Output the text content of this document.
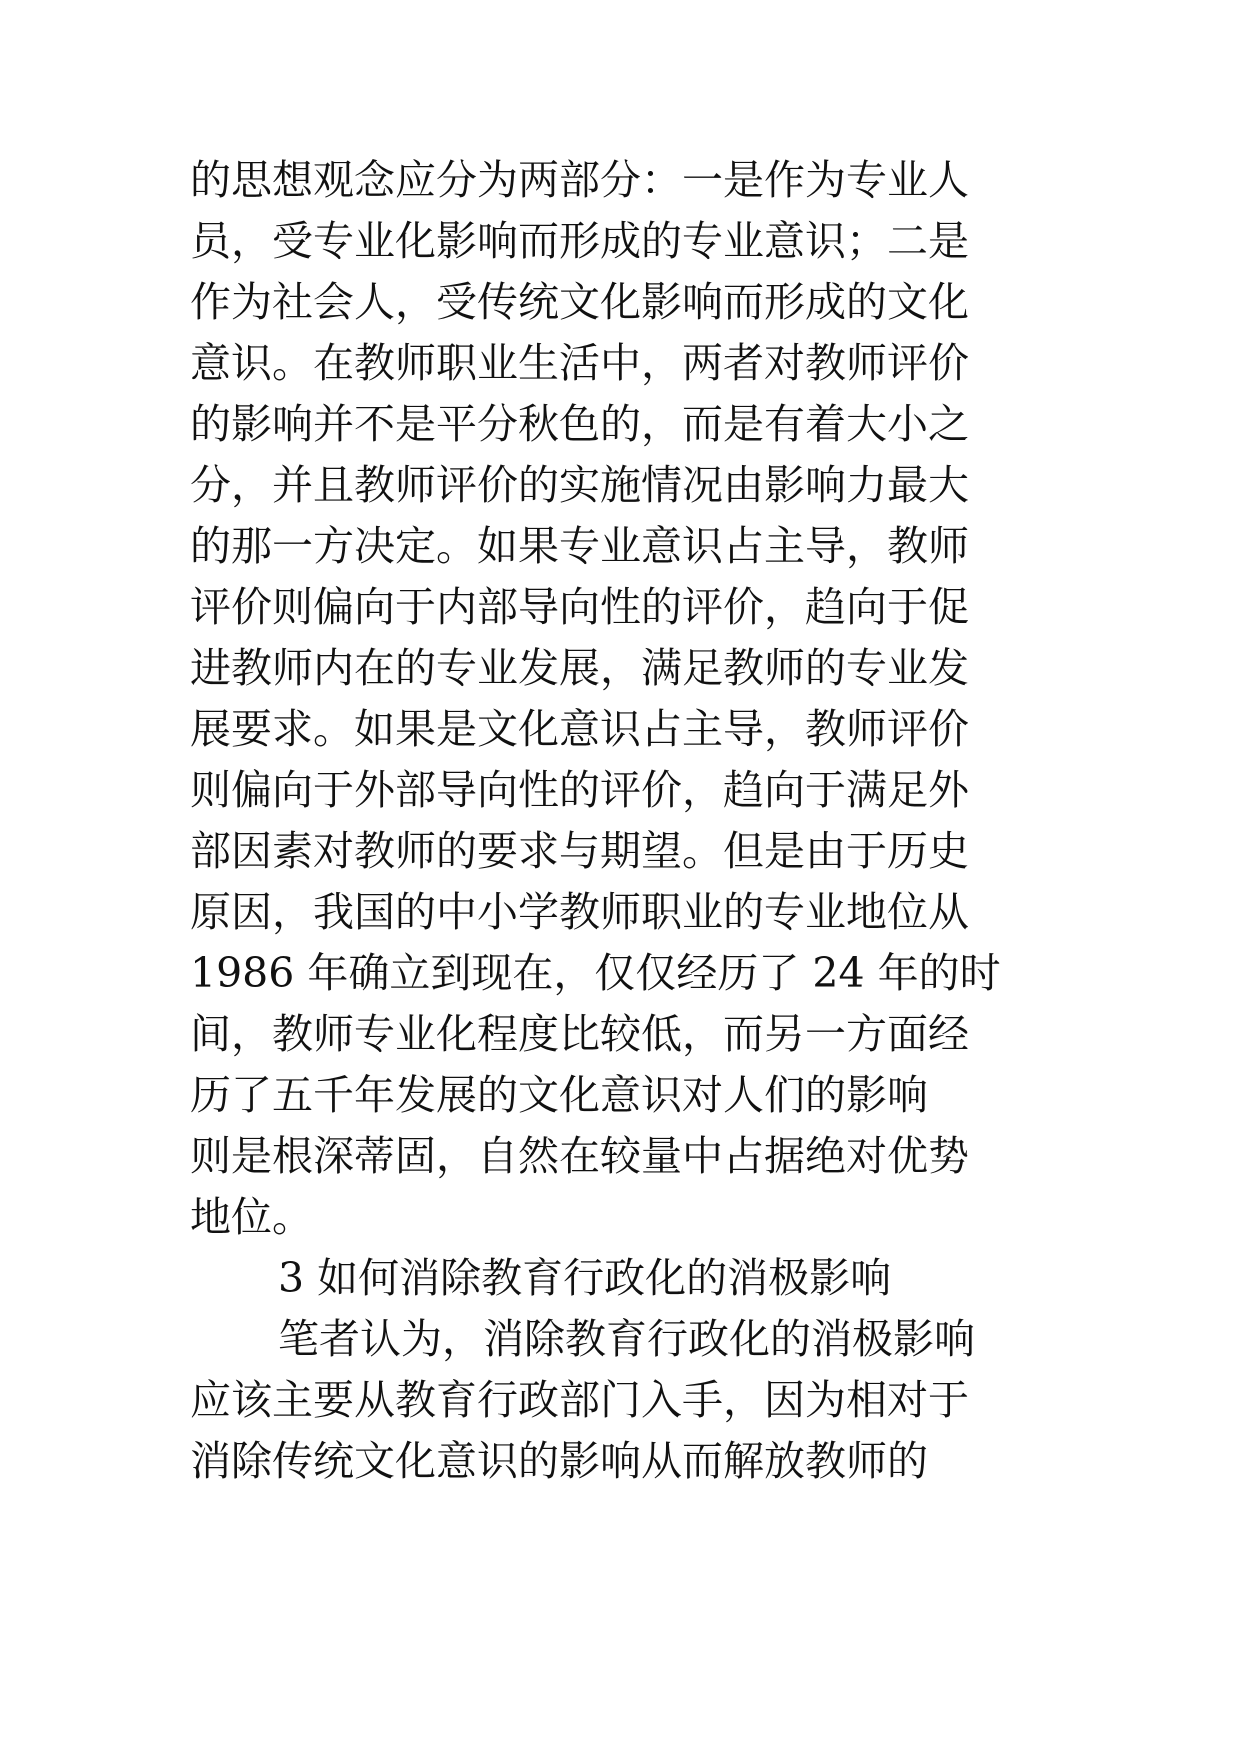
的思想观念应分为两部分：一是作为专业人

员，受专业化影响而形成的专业意识；二是

作为社会人，受传统文化影响而形成的文化

意识。在教师职业生活中，两者对教师评价

的影响并不是平分秋色的，而是有着大小之

分，并且教师评价的实施情况由影响力最大

的那一方决定。如果专业意识占主导，教师

评价则偏向于内部导向性的评价，趋向于促

进教师内在的专业发展，满足教师的专业发

展要求。如果是文化意识占主导，教师评价

则偏向于外部导向性的评价，趋向于满足外

部因素对教师的要求与期望。但是由于历史

原因，我国的中小学教师职业的专业地位从

1986 年确立到现在，仅仅经历了 24 年的时

间，教师专业化程度比较低，而另一方面经

历了五千年发展的文化意识对人们的影响

则是根深蒂固，自然在较量中占据绝对优势

地位。

3 如何消除教育行政化的消极影响

笔者认为，消除教育行政化的消极影响

应该主要从教育行政部门入手，因为相对于

消除传统文化意识的影响从而解放教师的
